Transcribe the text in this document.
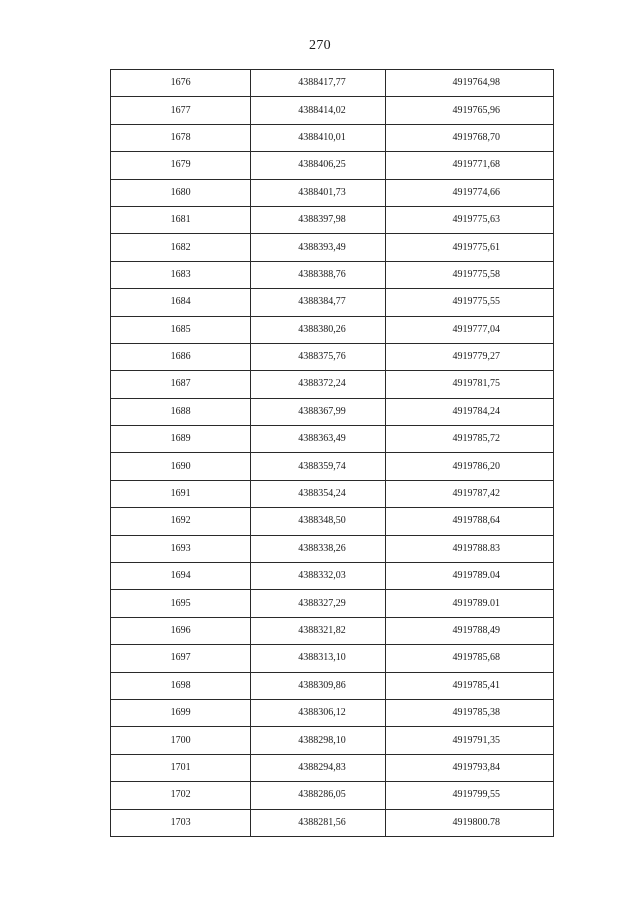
270
1676	4388417,77	4919764,98
1677	4388414,02	4919765,96
1678	4388410,01	4919768,70
1679	4388406,25	4919771,68
1680	4388401,73	4919774,66
1681	4388397,98	4919775,63
1682	4388393,49	4919775,61
1683	4388388,76	4919775,58
1684	4388384,77	4919775,55
1685	4388380,26	4919777,04
1686	4388375,76	4919779,27
1687	4388372,24	4919781,75
1688	4388367,99	4919784,24
1689	4388363,49	4919785,72
1690	4388359,74	4919786,20
1691	4388354,24	4919787,42
1692	4388348,50	4919788,64
1693	4388338,26	4919788.83
1694	4388332,03	4919789.04
1695	4388327,29	4919789.01
1696	4388321,82	4919788,49
1697	4388313,10	4919785,68
1698	4388309,86	4919785,41
1699	4388306,12	4919785,38
1700	4388298,10	4919791,35
1701	4388294,83	4919793,84
1702	4388286,05	4919799,55
1703	4388281,56	4919800.78
